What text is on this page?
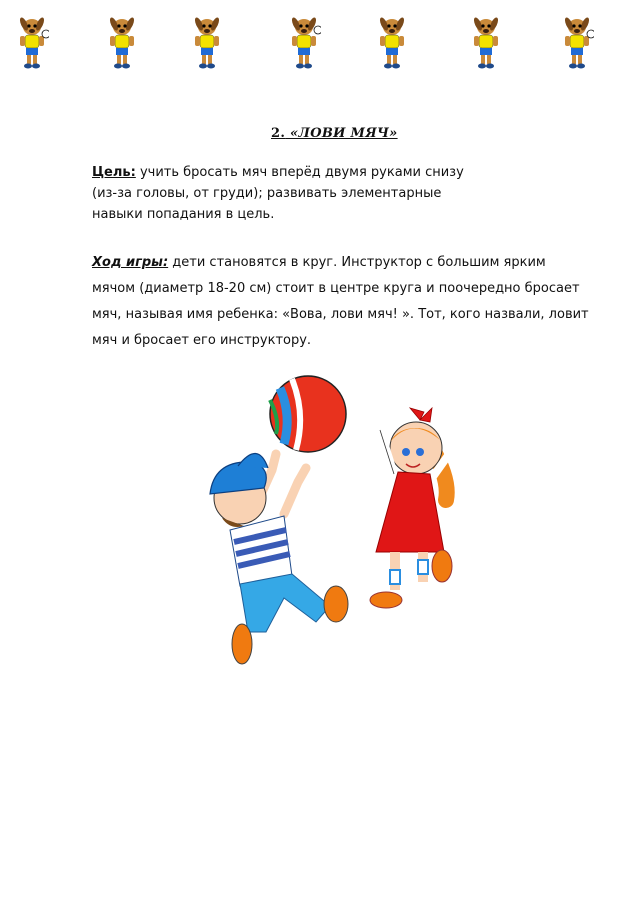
2. «ЛОВИ МЯЧ»

Цель: учить бросать мяч вперёд двумя руками снизу
(из-за головы, от груди); развивать элементарные
навыки попадания в цель.

Ход игры: дети становятся в круг. Инструктор с большим ярким мячом (диаметр 18-20 см) стоит в центре круга и поочередно бросает мяч, называя имя ребенка: «Вова, лови мяч! ». Тот, кого назвали, ловит мяч и бросает его инструктору.
